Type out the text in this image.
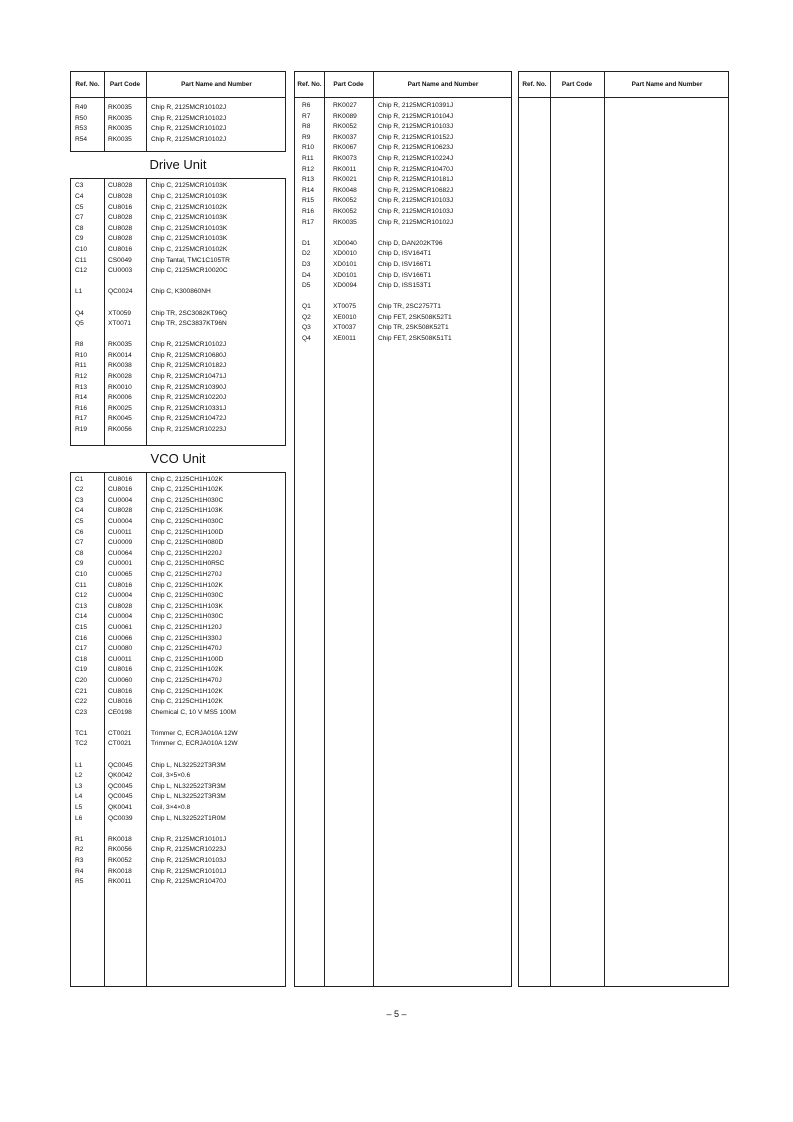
Ref. No.	Part Code	Part Name and Number
R49	RK0035	Chip R, 2125MCR10102J
R50	RK0035	Chip R, 2125MCR10102J
R53	RK0035	Chip R, 2125MCR10102J
R54	RK0035	Chip R, 2125MCR10102J
Drive Unit
C3	CU8028	Chip C, 2125MCR10103K
C4	CU8028	Chip C, 2125MCR10103K
C5	CU8016	Chip C, 2125MCR10102K
C7	CU8028	Chip C, 2125MCR10103K
C8	CU8028	Chip C, 2125MCR10103K
C9	CU8028	Chip C, 2125MCR10103K
C10	CU8016	Chip C, 2125MCR10102K
C11	CS0049	Chip Tantal, TMC1C105TR
C12	CU0003	Chip C, 2125MCR10020C
L1	QC0024	Chip C, K300860NH
Q4	XT0059	Chip TR, 2SC3082KT96Q
Q5	XT0071	Chip TR, 2SC3837KT96N
R8	RK0035	Chip R, 2125MCR10102J
R10	RK0014	Chip R, 2125MCR10680J
R11	RK0038	Chip R, 2125MCR10182J
R12	RK0028	Chip R, 2125MCR10471J
R13	RK0010	Chip R, 2125MCR10390J
R14	RK0006	Chip R, 2125MCR10220J
R16	RK0025	Chip R, 2125MCR10331J
R17	RK0045	Chip R, 2125MCR10472J
R19	RK0056	Chip R, 2125MCR10223J
VCO Unit
C1	CU8016	Chip C, 2125CH1H102K
C2	CU8016	Chip C, 2125CH1H102K
C3	CU0004	Chip C, 2125CH1H030C
C4	CU8028	Chip C, 2125CH1H103K
C5	CU0004	Chip C, 2125CH1H030C
C6	CU0011	Chip C, 2125CH1H100D
C7	CU0009	Chip C, 2125CH1H080D
C8	CU0064	Chip C, 2125CH1H220J
C9	CU0001	Chip C, 2125CH1H0R5C
C10	CU0065	Chip C, 2125CH1H270J
C11	CU8016	Chip C, 2125CH1H102K
C12	CU0004	Chip C, 2125CH1H030C
C13	CU8028	Chip C, 2125CH1H103K
C14	CU0004	Chip C, 2125CH1H030C
C15	CU0061	Chip C, 2125CH1H120J
C16	CU0066	Chip C, 2125CH1H330J
C17	CU0080	Chip C, 2125CH1H470J
C18	CU0011	Chip C, 2125CH1H100D
C19	CU8016	Chip C, 2125CH1H102K
C20	CU0060	Chip C, 2125CH1H470J
C21	CU8016	Chip C, 2125CH1H102K
C22	CU8016	Chip C, 2125CH1H102K
C23	CE0198	Chemical C, 10 V MS5 100M
TC1	CT0021	Trimmer C, ECRJA010A 12W
TC2	CT0021	Trimmer C, ECRJA010A 12W
L1	QC0045	Chip L, NL322522T3R3M
L2	QK0042	Coil, 3×5×0.6
L3	QC0045	Chip L, NL322522T3R3M
L4	QC0045	Chip L, NL322522T3R3M
L5	QK0041	Coil, 3×4×0.8
L6	QC0039	Chip L, NL322522T1R0M
R1	RK0018	Chip R, 2125MCR10101J
R2	RK0056	Chip R, 2125MCR10223J
R3	RK0052	Chip R, 2125MCR10103J
R4	RK0018	Chip R, 2125MCR10101J
R5	RK0011	Chip R, 2125MCR10470J
Ref. No.	Part Code	Part Name and Number
R6	RK0027	Chip R, 2125MCR10391J
R7	RK0089	Chip R, 2125MCR10104J
R8	RK0052	Chip R, 2125MCR10103J
R9	RK0037	Chip R, 2125MCR10152J
R10	RK0067	Chip R, 2125MCR10623J
R11	RK0073	Chip R, 2125MCR10224J
R12	RK0011	Chip R, 2125MCR10470J
R13	RK0021	Chip R, 2125MCR10181J
R14	RK0048	Chip R, 2125MCR10682J
R15	RK0052	Chip R, 2125MCR10103J
R16	RK0052	Chip R, 2125MCR10103J
R17	RK0035	Chip R, 2125MCR10102J
D1	XD0040	Chip D, DAN202KT96
D2	XD0010	Chip D, ISV164T1
D3	XD0101	Chip D, ISV166T1
D4	XD0101	Chip D, ISV166T1
D5	XD0094	Chip D, ISS153T1
Q1	XT0075	Chip TR, 2SC2757T1
Q2	XE0010	Chip FET, 2SK508K52T1
Q3	XT0037	Chip TR, 2SK508K52T1
Q4	XE0011	Chip FET, 2SK508K51T1
Ref. No.	Part Code	Part Name and Number
– 5 –
